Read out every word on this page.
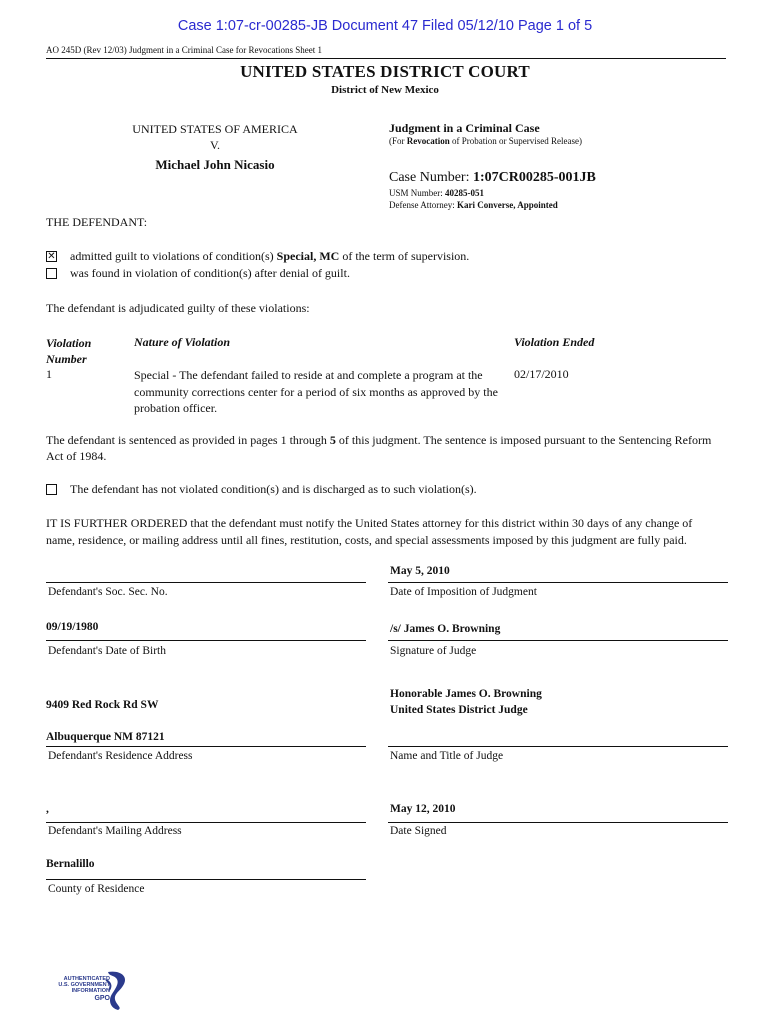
Case 1:07-cr-00285-JB Document 47 Filed 05/12/10 Page 1 of 5
AO 245D (Rev 12/03) Judgment in a Criminal Case for Revocations Sheet 1
UNITED STATES DISTRICT COURT
District of New Mexico
UNITED STATES OF AMERICA
V.
Michael John Nicasio
Judgment in a Criminal Case
(For Revocation of Probation or Supervised Release)
Case Number: 1:07CR00285-001JB
USM Number: 40285-051
Defense Attorney: Kari Converse, Appointed
THE DEFENDANT:
✕ admitted guilt to violations of condition(s) Special, MC of the term of supervision.
was found in violation of condition(s) after denial of guilt.
The defendant is adjudicated guilty of these violations:
Violation
Number
Nature of Violation	Violation Ended
1	Special - The defendant failed to reside at and complete a program at the
community corrections center for a period of six months as approved by the
probation officer.
02/17/2010
The defendant is sentenced as provided in pages 1 through 5 of this judgment. The sentence is imposed pursuant to the Sentencing Reform
Act of 1984.
The defendant has not violated condition(s) and is discharged as to such violation(s).
IT IS FURTHER ORDERED that the defendant must notify the United States attorney for this district within 30 days of any change of
name, residence, or mailing address until all fines, restitution, costs, and special assessments imposed by this judgment are fully paid.
Defendant's Soc. Sec. No.
09/19/1980
Defendant's Date of Birth
9409 Red Rock Rd SW
Albuquerque NM 87121
Defendant's Residence Address
,
Defendant's Mailing Address
Bernalillo
County of Residence
May 5, 2010
Date of Imposition of Judgment
/s/ James O. Browning
Signature of Judge
Honorable James O. Browning
United States District Judge
Name and Title of Judge
May 12, 2010
Date Signed
AUTHENTICATED
U.S. GOVERNMENT
INFORMATION
GPO
